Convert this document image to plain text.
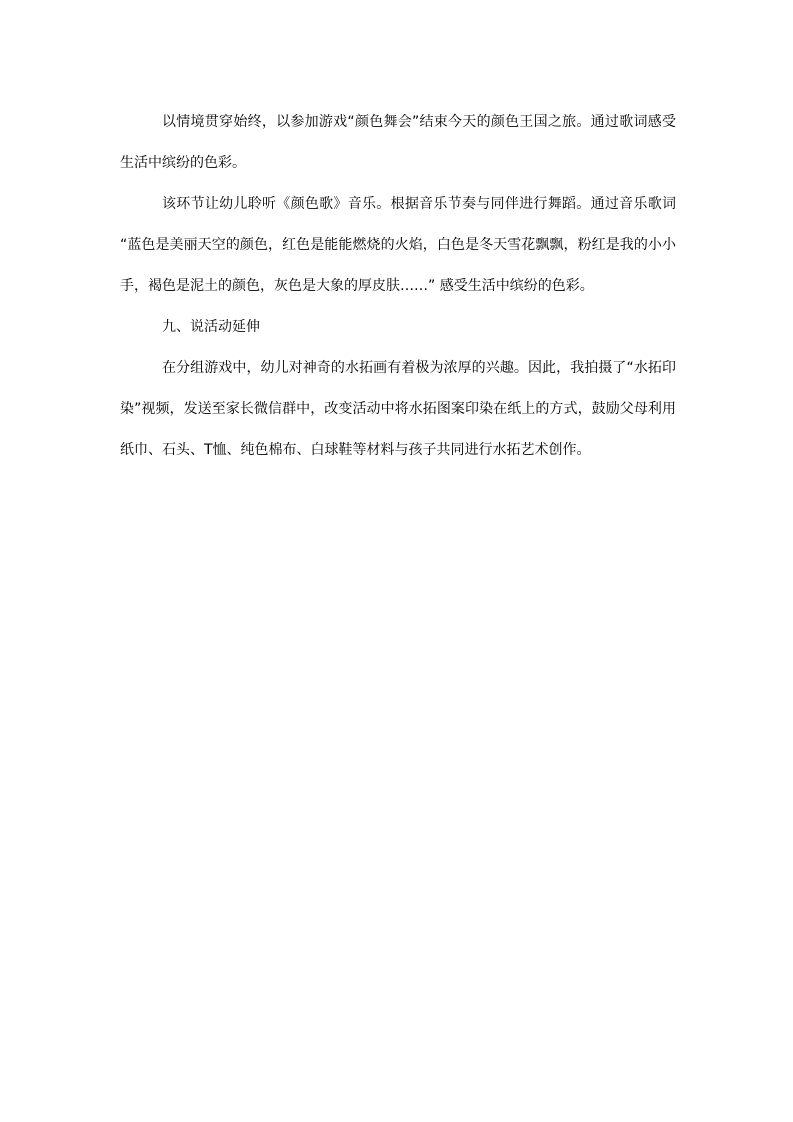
以情境贯穿始终，以参加游戏“颜色舞会”结束今天的颜色王国之旅。通过歌词感受生活中缤纷的色彩。

该环节让幼儿聆听《颜色歌》音乐。根据音乐节奏与同伴进行舞蹈。通过音乐歌词 “蓝色是美丽天空的颜色，红色是能能燃烧的火焰，白色是冬天雪花飘飘，粉红是我的小小手，褐色是泥土的颜色，灰色是大象的厚皮肤……” 感受生活中缤纷的色彩。

九、说活动延伸

在分组游戏中，幼儿对神奇的水拓画有着极为浓厚的兴趣。因此，我拍摄了“水拓印染”视频，发送至家长微信群中，改变活动中将水拓图案印染在纸上的方式，鼓励父母利用纸巾、石头、T恤、纯色棉布、白球鞋等材料与孩子共同进行水拓艺术创作。
